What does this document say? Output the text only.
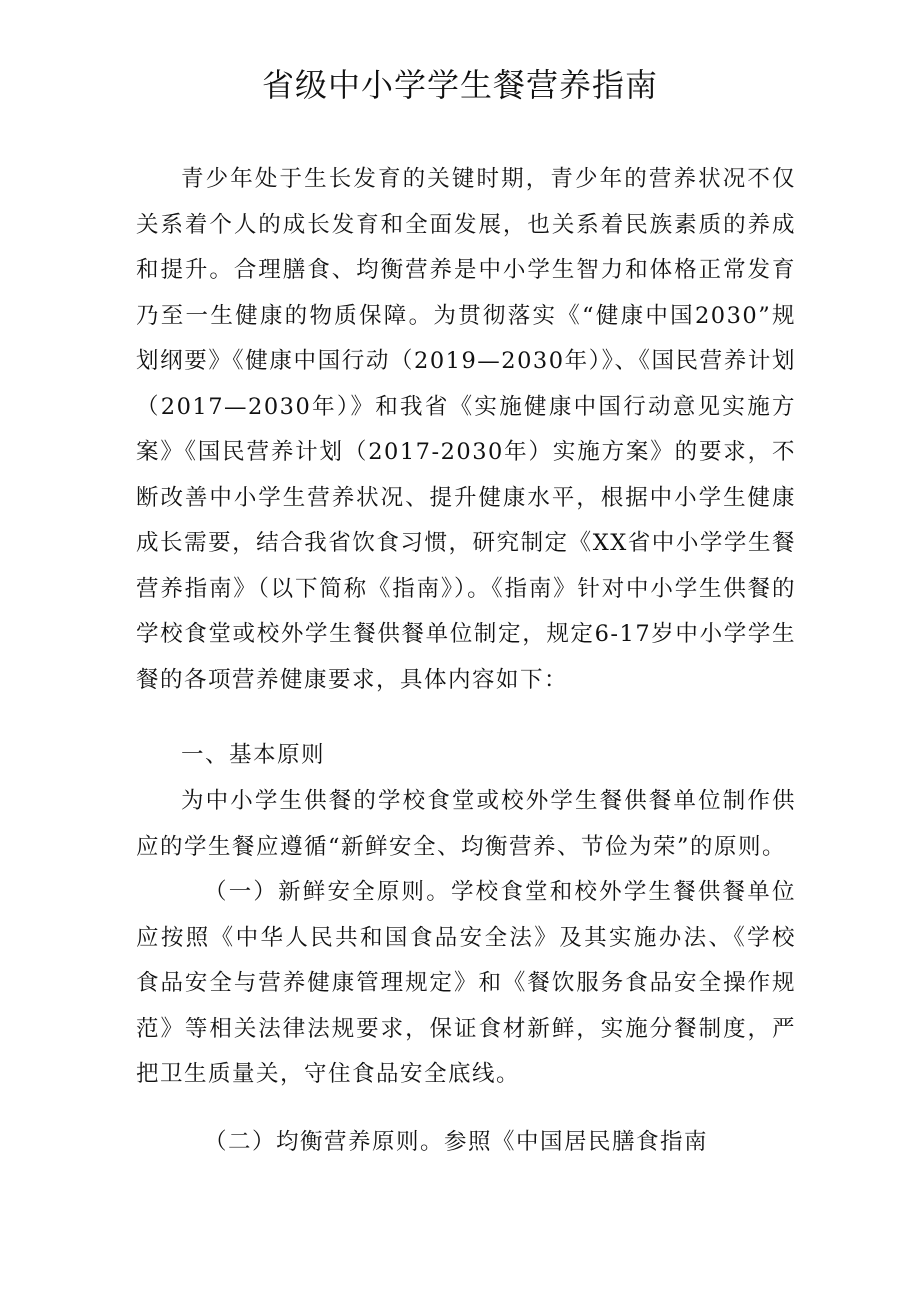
省级中小学学生餐营养指南

青少年处于生长发育的关键时期，青少年的营养状况不仅关系着个人的成长发育和全面发展，也关系着民族素质的养成和提升。合理膳食、均衡营养是中小学生智力和体格正常发育乃至一生健康的物质保障。为贯彻落实《“健康中国2030”规划纲要》《健康中国行动（2019—2030年）》、《国民营养计划（2017—2030年）》和我省《实施健康中国行动意见实施方案》《国民营养计划（2017-2030年）实施方案》的要求，不断改善中小学生营养状况、提升健康水平，根据中小学生健康成长需要，结合我省饮食习惯，研究制定《XX省中小学学生餐营养指南》（以下简称《指南》）。《指南》针对中小学生供餐的学校食堂或校外学生餐供餐单位制定，规定6-17岁中小学学生餐的各项营养健康要求，具体内容如下：

一、基本原则

为中小学生供餐的学校食堂或校外学生餐供餐单位制作供应的学生餐应遵循“新鲜安全、均衡营养、节俭为荣”的原则。

（一）新鲜安全原则。学校食堂和校外学生餐供餐单位应按照《中华人民共和国食品安全法》及其实施办法、《学校食品安全与营养健康管理规定》和《餐饮服务食品安全操作规范》等相关法律法规要求，保证食材新鲜，实施分餐制度，严把卫生质量关，守住食品安全底线。

（二）均衡营养原则。参照《中国居民膳食指南
